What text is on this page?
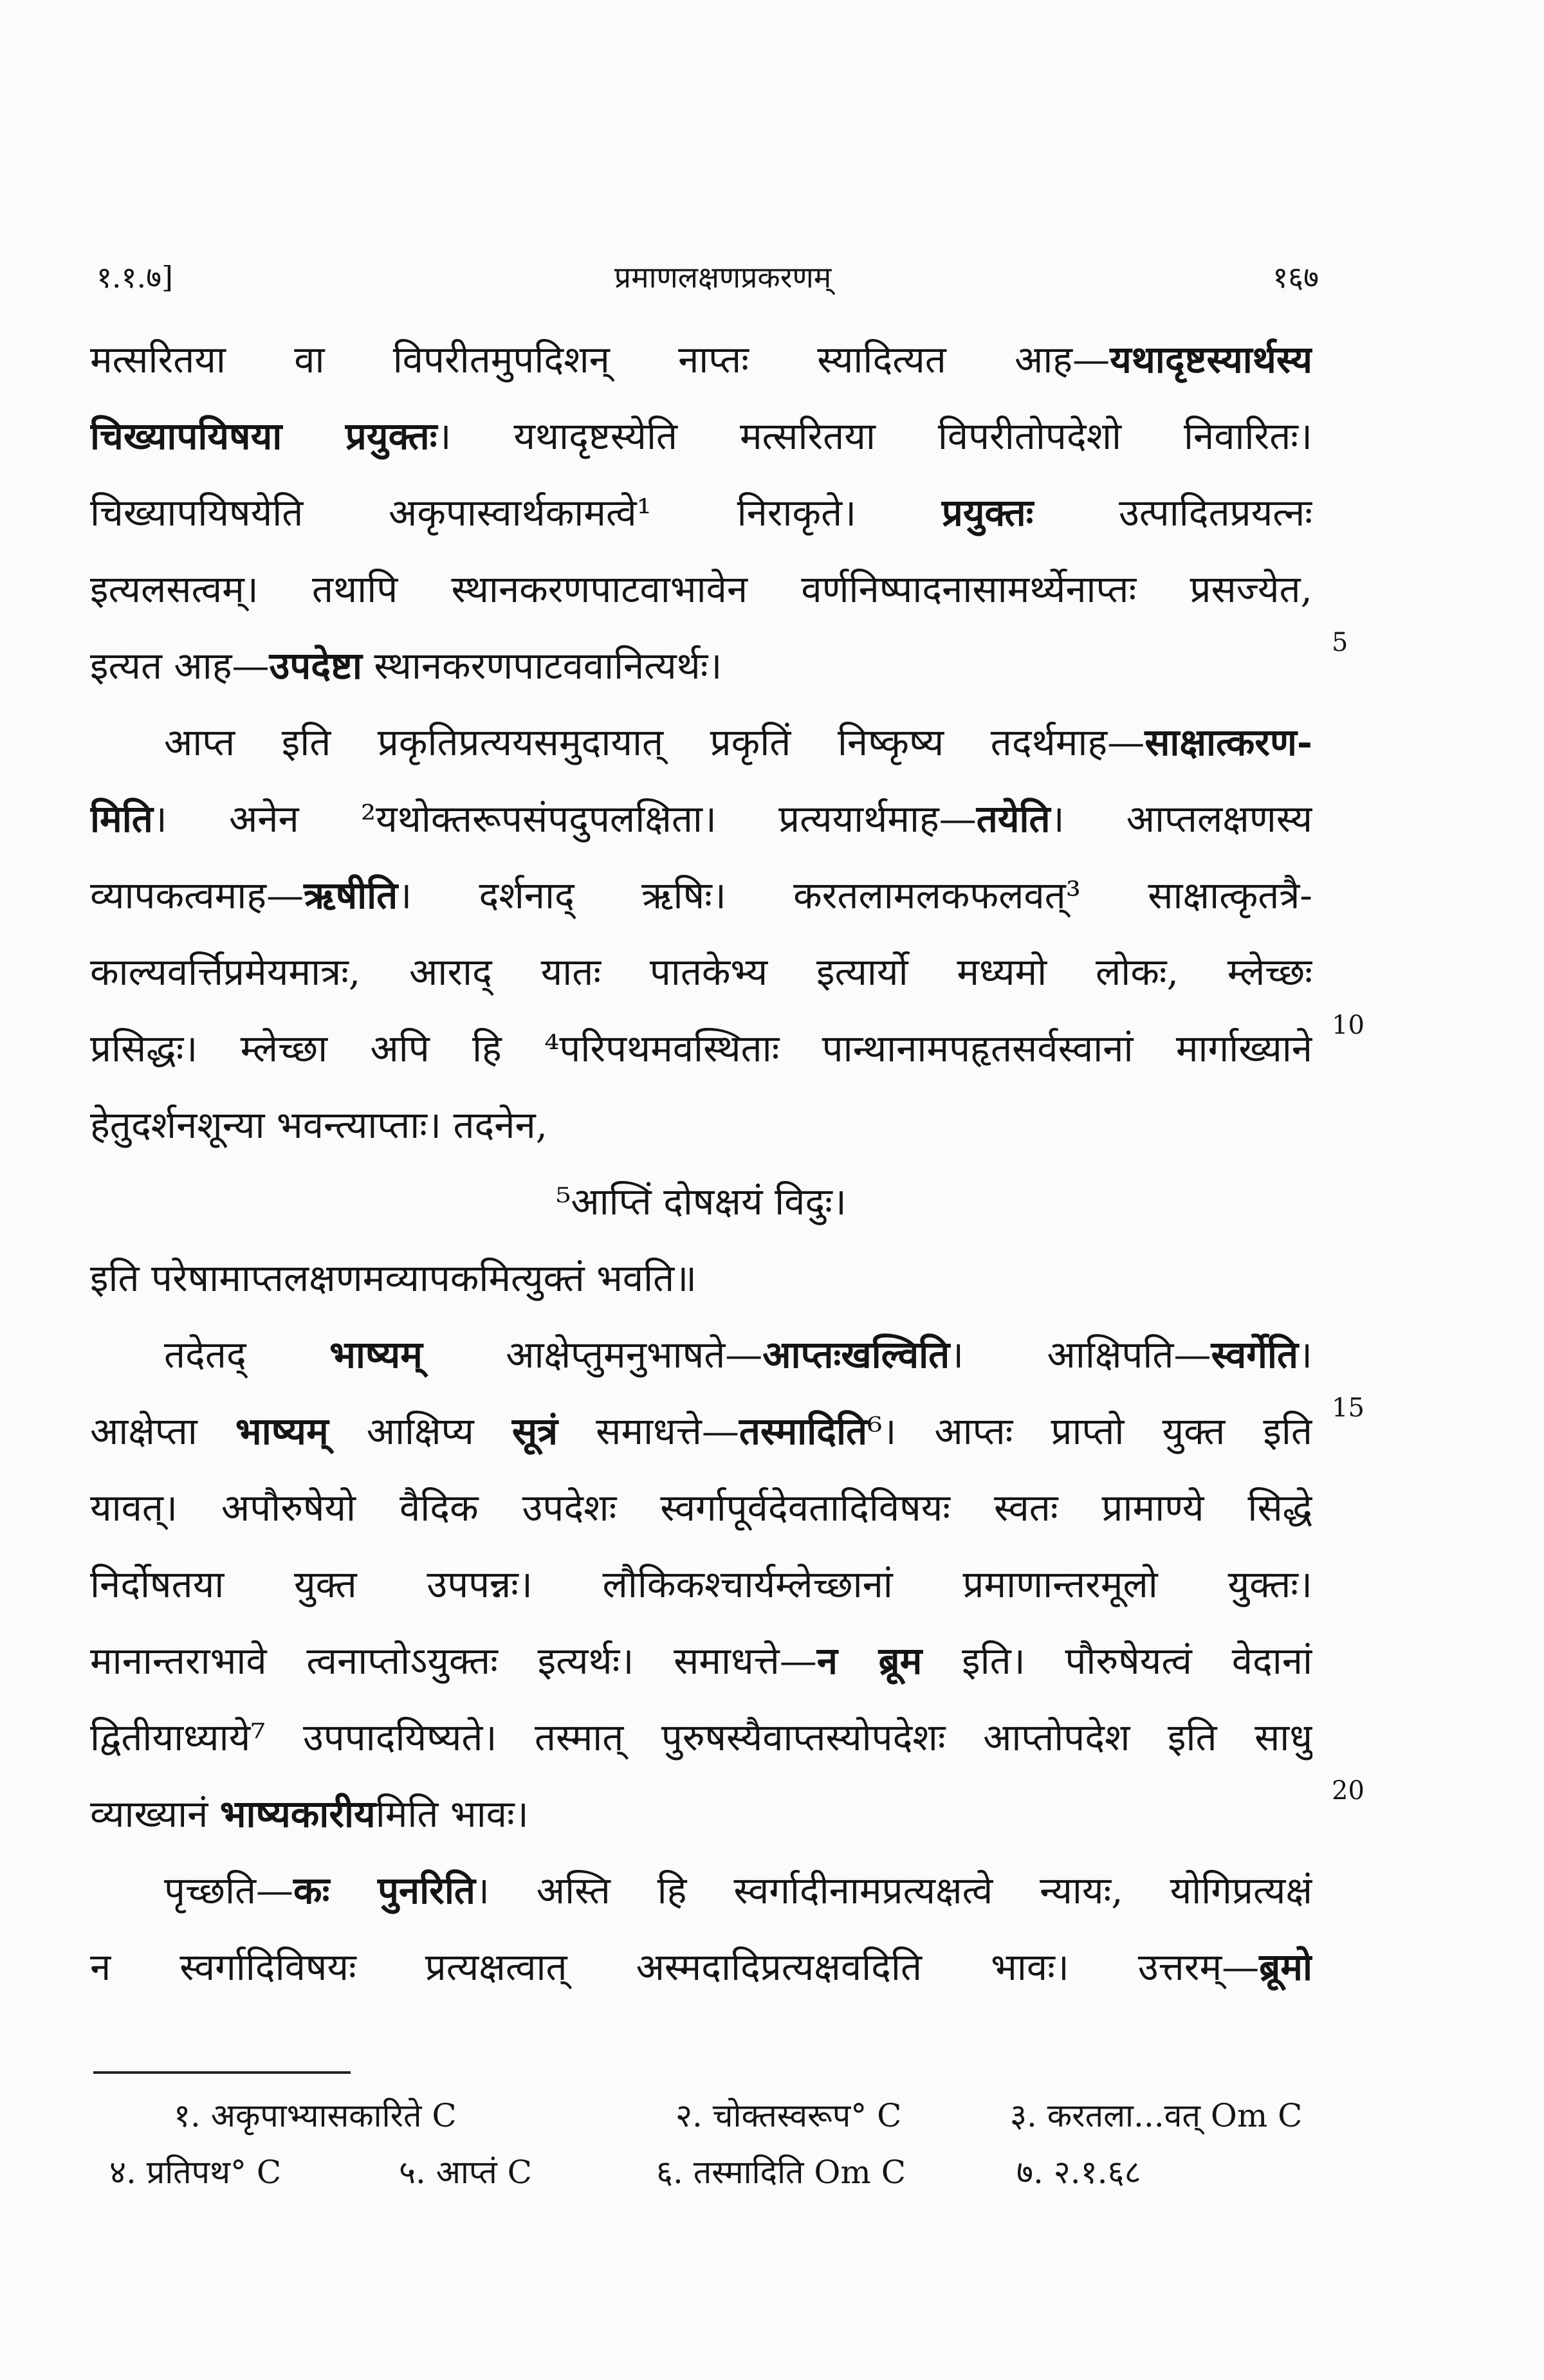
१.१.७]	प्रमाणलक्षणप्रकरणम्	१६७
मत्सरितया वा विपरीतमुपदिशन् नाप्तः स्यादित्यत आह—यथादृष्टस्यार्थस्य
चिख्यापयिषया प्रयुक्तः। यथादृष्टस्येति मत्सरितया विपरीतोपदेशो निवारितः।
चिख्यापयिषयेति अकृपास्वार्थकामत्वे¹ निराकृते। प्रयुक्तः उत्पादितप्रयत्नः
इत्यलसत्वम्। तथापि स्थानकरणपाटवाभावेन वर्णनिष्पादनासामर्थ्येनाप्तः प्रसज्येत,
इत्यत आह—उपदेष्टा स्थानकरणपाटववानित्यर्थः।
आप्त इति प्रकृतिप्रत्ययसमुदायात् प्रकृतिं निष्कृष्य तदर्थमाह—साक्षात्करण-
मिति। अनेन ²यथोक्तरूपसंपदुपलक्षिता। प्रत्ययार्थमाह—तयेति। आप्तलक्षणस्य
व्यापकत्वमाह—ऋषीति। दर्शनाद् ऋषिः। करतलामलकफलवत्³ साक्षात्कृतत्रै-
काल्यवर्त्तिप्रमेयमात्रः, आराद् यातः पातकेभ्य इत्यार्यो मध्यमो लोकः, म्लेच्छः
प्रसिद्धः। म्लेच्छा अपि हि ⁴परिपथमवस्थिताः पान्थानामपहृतसर्वस्वानां मार्गाख्याने
हेतुदर्शनशून्या भवन्त्याप्ताः। तदनेन,
⁵आप्तिं दोषक्षयं विदुः।
इति परेषामाप्तलक्षणमव्यापकमित्युक्तं भवति॥
तदेतद् भाष्यम् आक्षेप्तुमनुभाषते—आप्तःखल्विति। आक्षिपति—स्वर्गेति।
आक्षेप्ता भाष्यम् आक्षिप्य सूत्रं समाधत्ते—तस्मादिति⁶। आप्तः प्राप्तो युक्त इति
यावत्। अपौरुषेयो वैदिक उपदेशः स्वर्गापूर्वदेवतादिविषयः स्वतः प्रामाण्ये सिद्धे
निर्दोषतया युक्त उपपन्नः। लौकिकश्चार्यम्लेच्छानां प्रमाणान्तरमूलो युक्तः।
मानान्तराभावे त्वनाप्तोऽयुक्तः इत्यर्थः। समाधत्ते—न ब्रूम इति। पौरुषेयत्वं वेदानां
द्वितीयाध्याये⁷ उपपादयिष्यते। तस्मात् पुरुषस्यैवाप्तस्योपदेशः आप्तोपदेश इति साधु
व्याख्यानं भाष्यकारीयमिति भावः।
पृच्छति—कः पुनरिति। अस्ति हि स्वर्गादीनामप्रत्यक्षत्वे न्यायः, योगिप्रत्यक्षं
न स्वर्गादिविषयः प्रत्यक्षत्वात् अस्मदादिप्रत्यक्षवदिति भावः। उत्तरम्—ब्रूमो
5
10
15
20
१. अकृपाभ्यासकारिते C	२. चोक्तस्वरूप° C	३. करतला...वत् Om C
४. प्रतिपथ° C	५. आप्तं C	६. तस्मादिति Om C	७. २.१.६८
